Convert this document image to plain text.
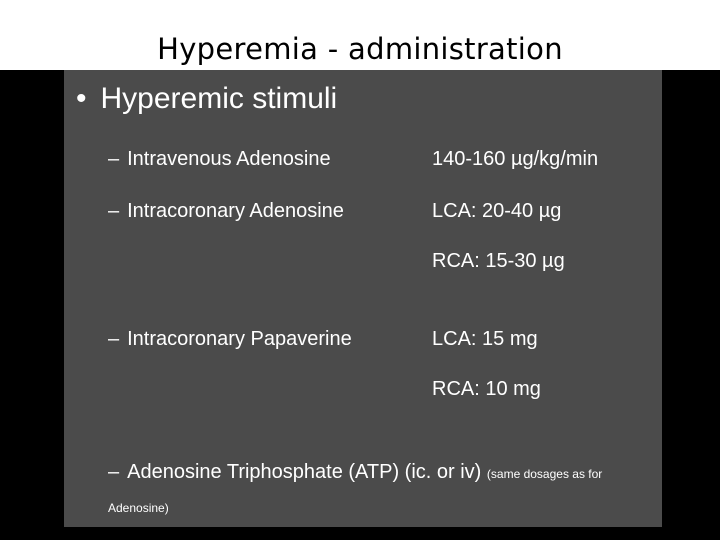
Hyperemia - administration
• Hyperemic stimuli
– Intravenous Adenosine	140-160 µg/kg/min
– Intracoronary Adenosine	LCA: 20-40 µg
RCA: 15-30 µg
– Intracoronary Papaverine	LCA: 15 mg
RCA: 10 mg
– Adenosine Triphosphate (ATP) (ic. or iv) (same dosages as for Adenosine)
